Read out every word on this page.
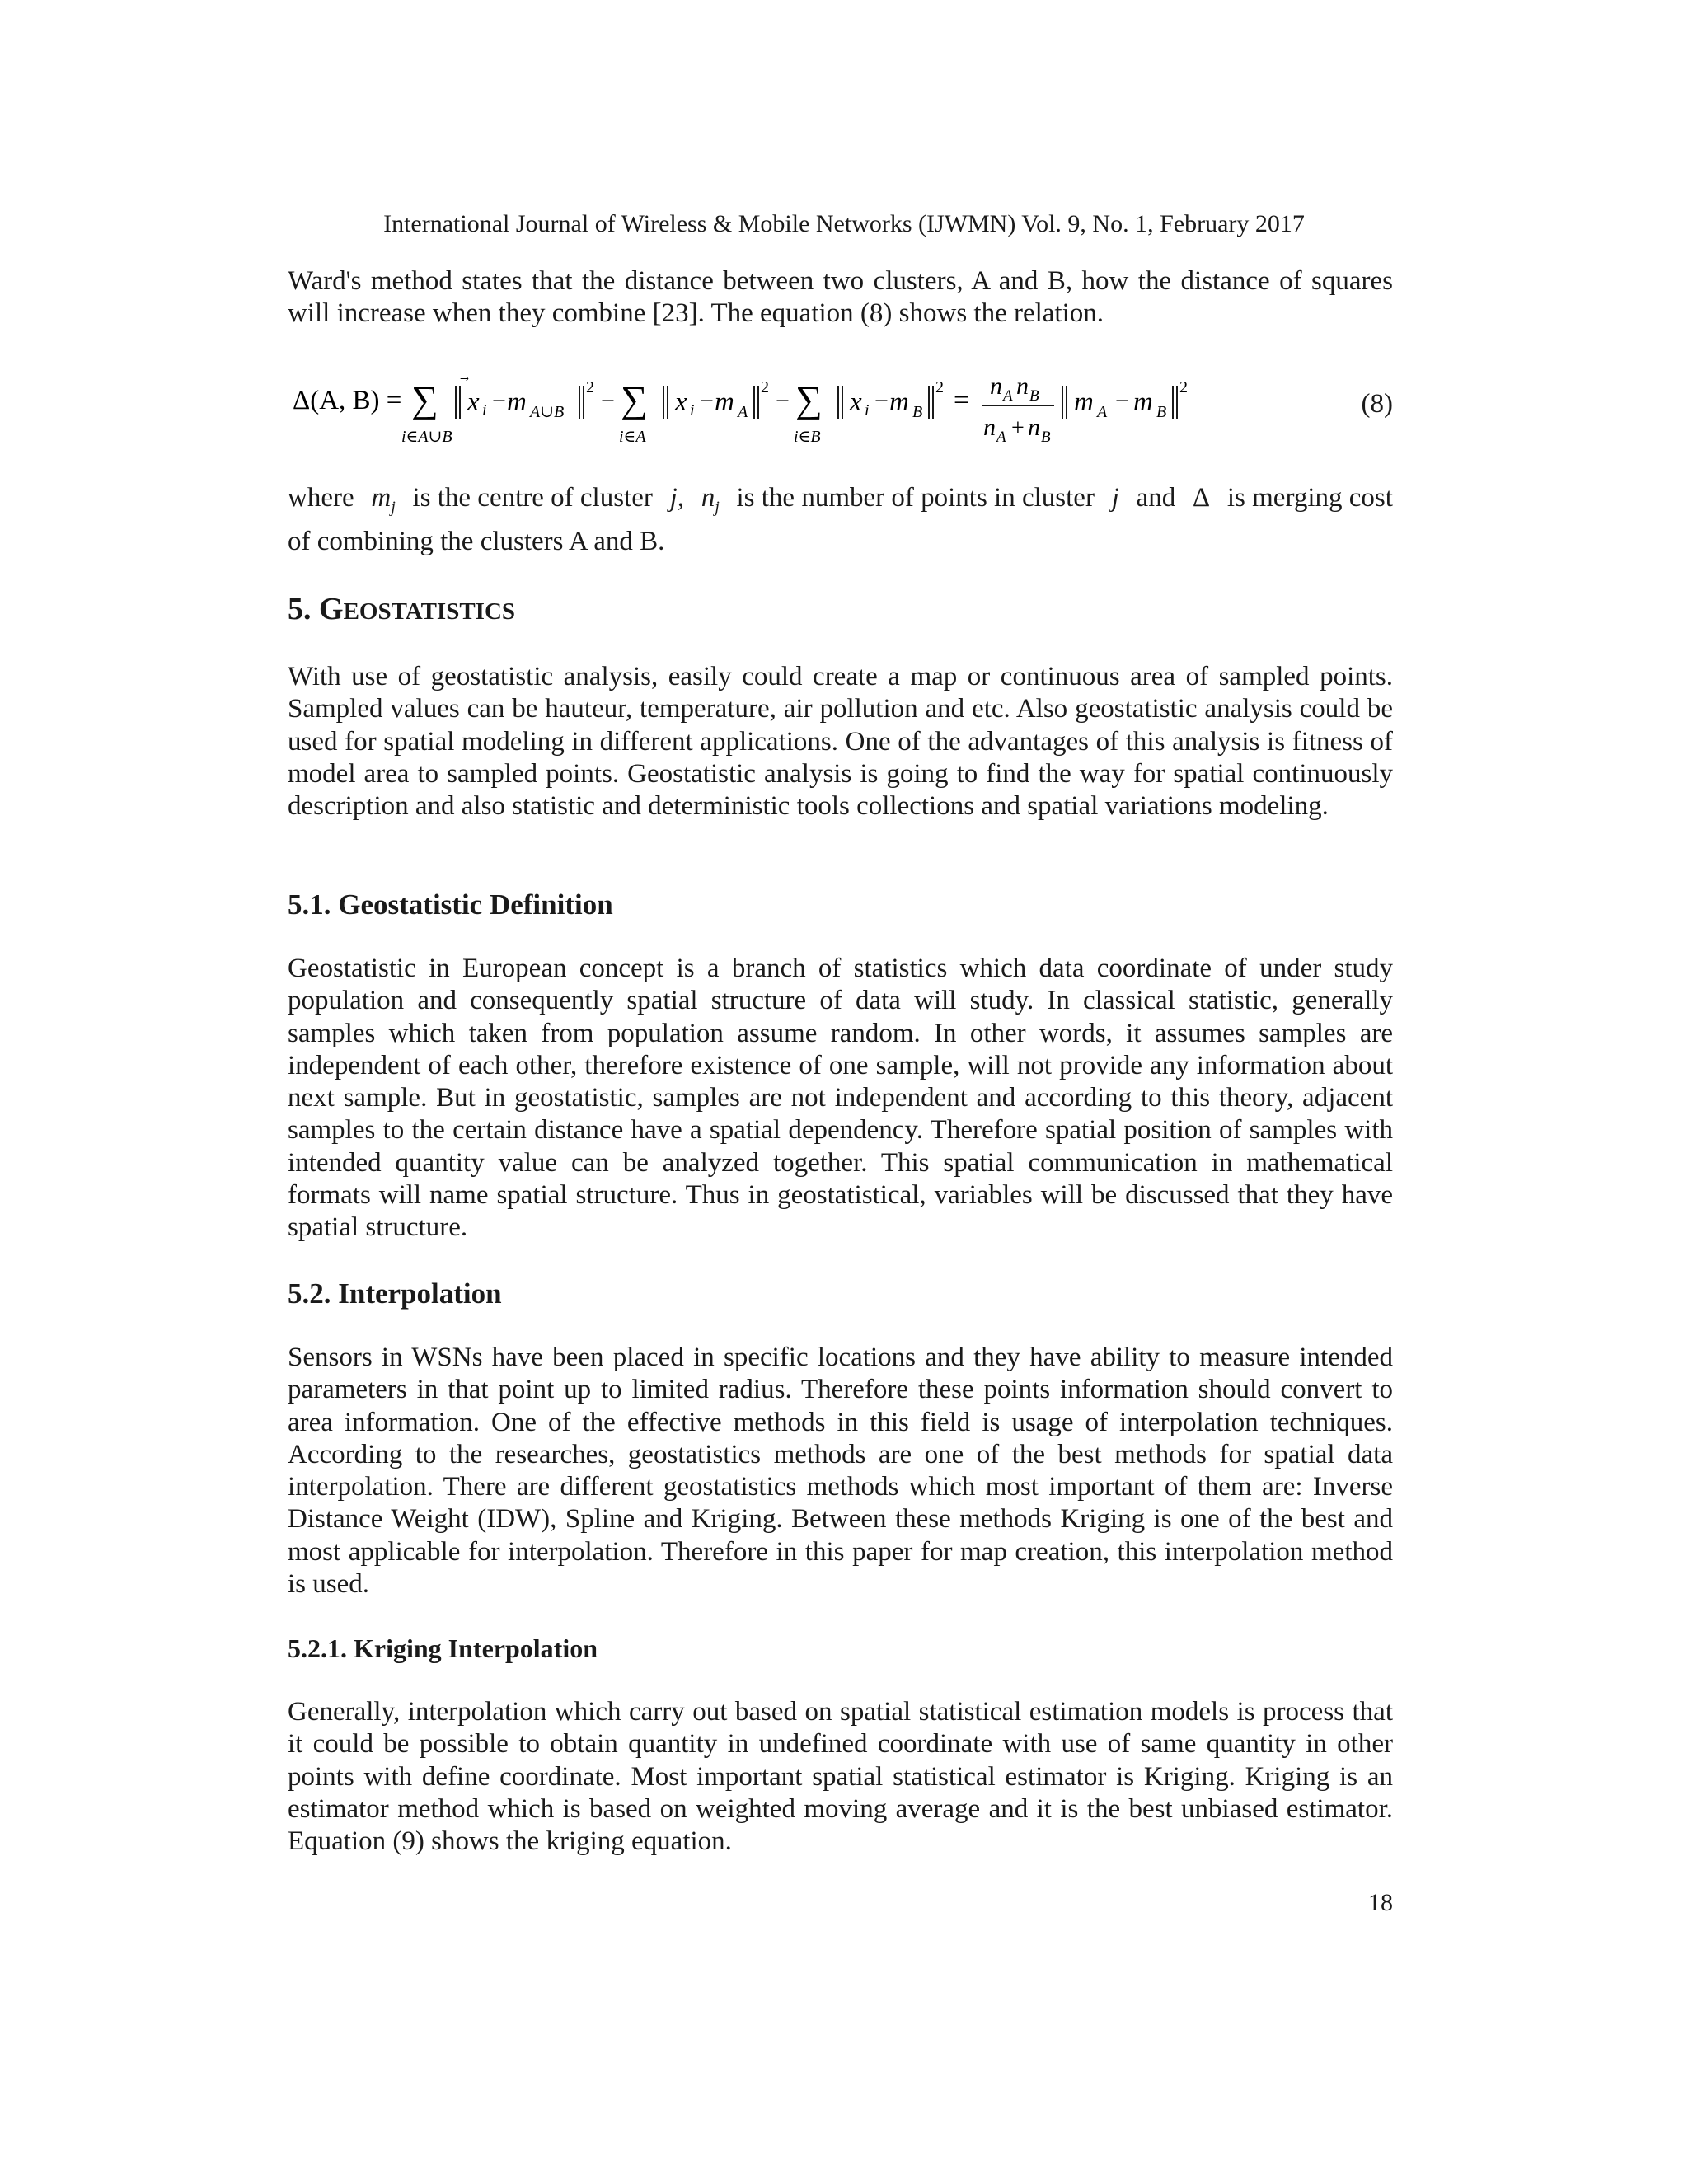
International Journal of Wireless & Mobile Networks (IJWMN) Vol. 9, No. 1, February 2017

Ward's method states that the distance between two clusters, A and B, how the distance of squares will increase when they combine [23]. The equation (8) shows the relation.

Δ(A, B) = ∑
i∈A∪B
x i − m A∪B
2 − ∑
i∈A
x i − m A
2 − ∑
i∈B
x i − m B
2 = n A n B
n A + n B
m A − m B
2
(8)
where $m_j$ is the centre of cluster j, $n_j$ is the number of points in cluster j and Δ is merging cost
of combining the clusters A and B.
5. GEOSTATISTICS

With use of geostatistic analysis, easily could create a map or continuous area of sampled points. Sampled values can be hauteur, temperature, air pollution and etc. Also geostatistic analysis could be used for spatial modeling in different applications. One of the advantages of this analysis is fitness of model area to sampled points. Geostatistic analysis is going to find the way for spatial continuously description and also statistic and deterministic tools collections and spatial variations modeling.

5.1. Geostatistic Definition

Geostatistic in European concept is a branch of statistics which data coordinate of under study population and consequently spatial structure of data will study. In classical statistic, generally samples which taken from population assume random. In other words, it assumes samples are independent of each other, therefore existence of one sample, will not provide any information about next sample. But in geostatistic, samples are not independent and according to this theory, adjacent samples to the certain distance have a spatial dependency. Therefore spatial position of samples with intended quantity value can be analyzed together. This spatial communication in mathematical formats will name spatial structure. Thus in geostatistical, variables will be discussed that they have spatial structure.

5.2. Interpolation

Sensors in WSNs have been placed in specific locations and they have ability to measure intended parameters in that point up to limited radius. Therefore these points information should convert to area information. One of the effective methods in this field is usage of interpolation techniques. According to the researches, geostatistics methods are one of the best methods for spatial data interpolation. There are different geostatistics methods which most important of them are: Inverse Distance Weight (IDW), Spline and Kriging. Between these methods Kriging is one of the best and most applicable for interpolation. Therefore in this paper for map creation, this interpolation method is used.

5.2.1. Kriging Interpolation

Generally, interpolation which carry out based on spatial statistical estimation models is process that it could be possible to obtain quantity in undefined coordinate with use of same quantity in other points with define coordinate. Most important spatial statistical estimator is Kriging. Kriging is an estimator method which is based on weighted moving average and it is the best unbiased estimator. Equation (9) shows the kriging equation.

18
